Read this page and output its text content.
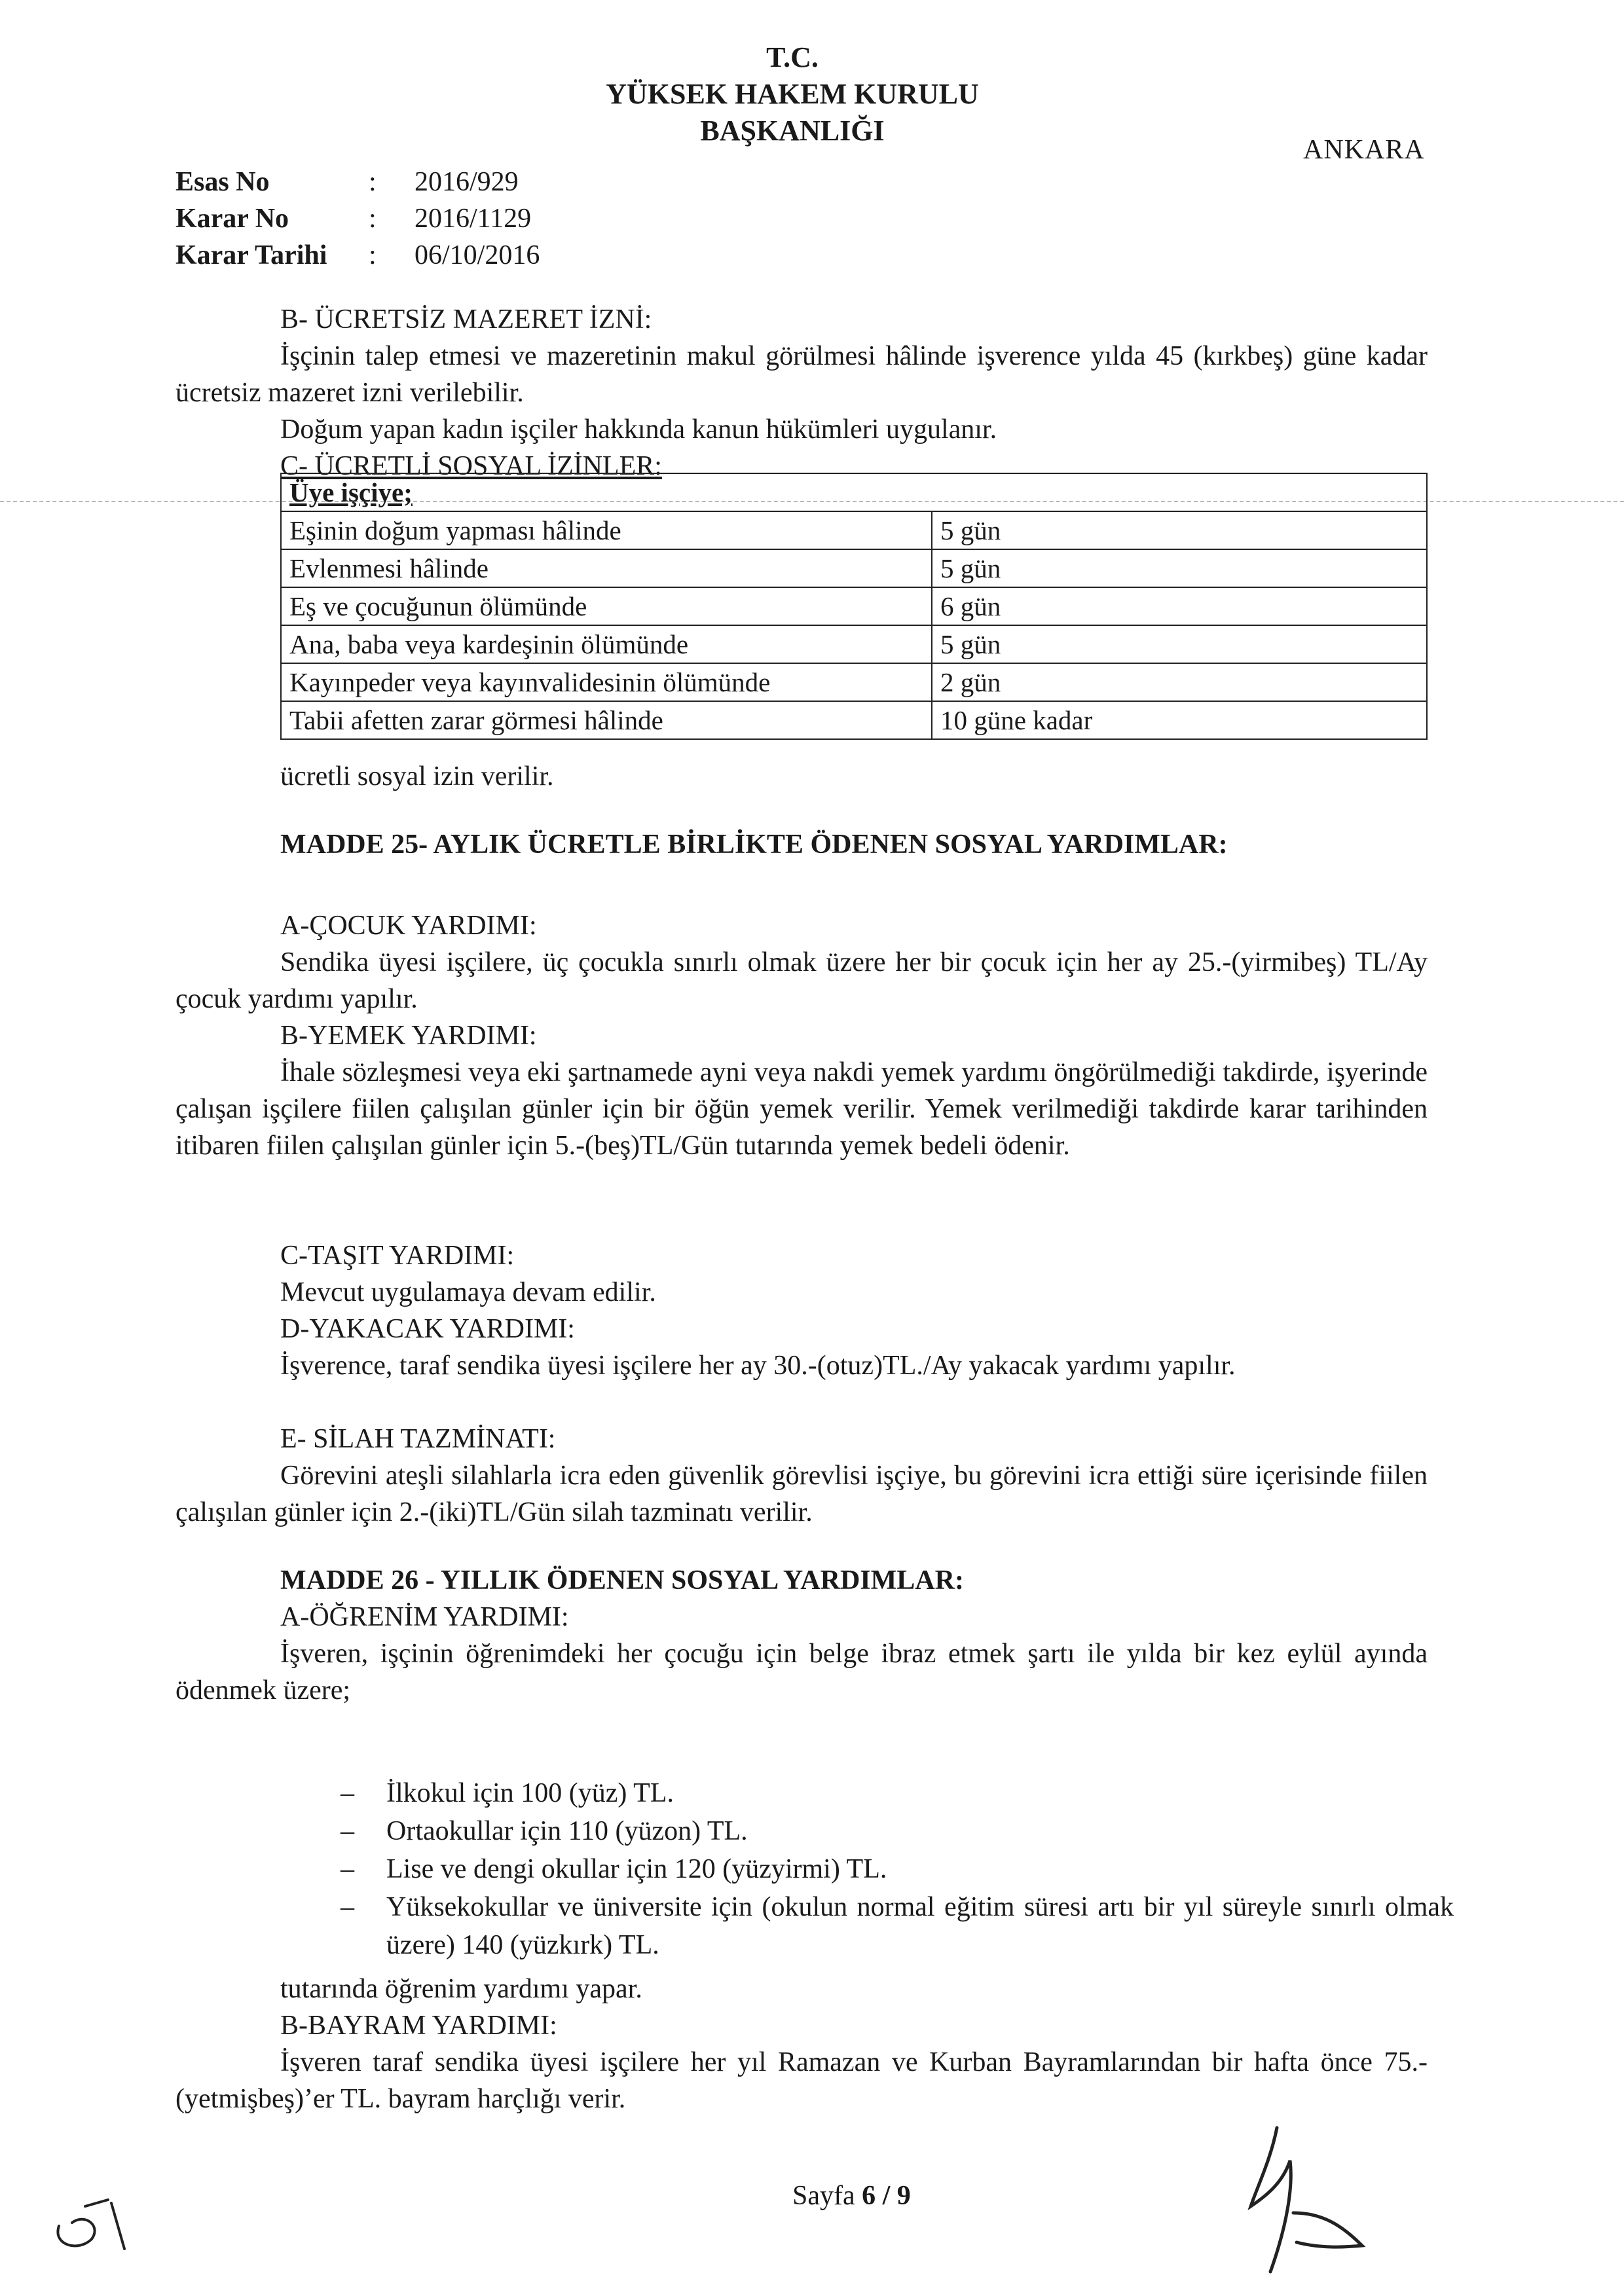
T.C.
YÜKSEK HAKEM KURULU
BAŞKANLIĞI
ANKARA
Esas No	:	2016/929
Karar No	:	2016/1129
Karar Tarihi	:	06/10/2016
B- ÜCRETSİZ MAZERET İZNİ:
İşçinin talep etmesi ve mazeretinin makul görülmesi hâlinde işverence yılda 45 (kırkbeş) güne kadar ücretsiz mazeret izni verilebilir.
Doğum yapan kadın işçiler hakkında kanun hükümleri uygulanır.
C- ÜCRETLİ SOSYAL İZİNLER:
Üye işçiye;	
Eşinin doğum yapması hâlinde	5 gün
Evlenmesi hâlinde	5 gün
Eş ve çocuğunun ölümünde	6 gün
Ana, baba veya kardeşinin ölümünde	5 gün
Kayınpeder veya kayınvalidesinin ölümünde	2 gün
Tabii afetten zarar görmesi hâlinde	10 güne kadar
ücretli sosyal izin verilir.
MADDE 25- AYLIK ÜCRETLE BİRLİKTE ÖDENEN SOSYAL YARDIMLAR:
A-ÇOCUK YARDIMI:
Sendika üyesi işçilere, üç çocukla sınırlı olmak üzere her bir çocuk için her ay 25.-(yirmibeş) TL/Ay çocuk yardımı yapılır.
B-YEMEK YARDIMI:
İhale sözleşmesi veya eki şartnamede ayni veya nakdi yemek yardımı öngörülmediği takdirde, işyerinde çalışan işçilere fiilen çalışılan günler için bir öğün yemek verilir. Yemek verilmediği takdirde karar tarihinden itibaren fiilen çalışılan günler için 5.-(beş)TL/Gün tutarında yemek bedeli ödenir.
C-TAŞIT YARDIMI:
Mevcut uygulamaya devam edilir.
D-YAKACAK YARDIMI:
İşverence, taraf sendika üyesi işçilere her ay 30.-(otuz)TL./Ay yakacak yardımı yapılır.
E- SİLAH TAZMİNATI:
Görevini ateşli silahlarla icra eden güvenlik görevlisi işçiye, bu görevini icra ettiği süre içerisinde fiilen çalışılan günler için 2.-(iki)TL/Gün silah tazminatı verilir.
MADDE 26 - YILLIK ÖDENEN SOSYAL YARDIMLAR:
A-ÖĞRENİM YARDIMI:
İşveren, işçinin öğrenimdeki her çocuğu için belge ibraz etmek şartı ile yılda bir kez eylül ayında ödenmek üzere;
–	İlkokul için 100 (yüz) TL.
–	Ortaokullar için 110 (yüzon) TL.
–	Lise ve dengi okullar için 120 (yüzyirmi) TL.
–	Yüksekokullar ve üniversite için (okulun normal eğitim süresi artı bir yıl süreyle sınırlı olmak üzere) 140 (yüzkırk) TL.
tutarında öğrenim yardımı yapar.
B-BAYRAM YARDIMI:
İşveren taraf sendika üyesi işçilere her yıl Ramazan ve Kurban Bayramlarından bir hafta önce 75.-(yetmişbeş)’er TL. bayram harçlığı verir.
Sayfa 6 / 9
